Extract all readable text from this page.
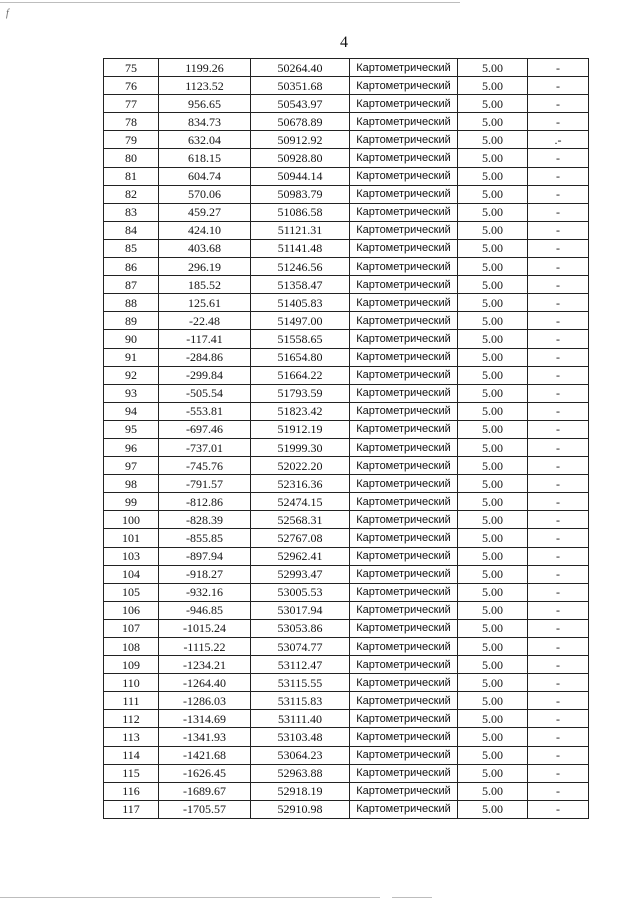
f
4
75	1199.26	50264.40	Картометрический	5.00	-
76	1123.52	50351.68	Картометрический	5.00	-
77	956.65	50543.97	Картометрический	5.00	-
78	834.73	50678.89	Картометрический	5.00	-
79	632.04	50912.92	Картометрический	5.00	.-
80	618.15	50928.80	Картометрический	5.00	-
81	604.74	50944.14	Картометрический	5.00	-
82	570.06	50983.79	Картометрический	5.00	-
83	459.27	51086.58	Картометрический	5.00	-
84	424.10	51121.31	Картометрический	5.00	-
85	403.68	51141.48	Картометрический	5.00	-
86	296.19	51246.56	Картометрический	5.00	-
87	185.52	51358.47	Картометрический	5.00	-
88	125.61	51405.83	Картометрический	5.00	-
89	-22.48	51497.00	Картометрический	5.00	-
90	-117.41	51558.65	Картометрический	5.00	-
91	-284.86	51654.80	Картометрический	5.00	-
92	-299.84	51664.22	Картометрический	5.00	-
93	-505.54	51793.59	Картометрический	5.00	-
94	-553.81	51823.42	Картометрический	5.00	-
95	-697.46	51912.19	Картометрический	5.00	-
96	-737.01	51999.30	Картометрический	5.00	-
97	-745.76	52022.20	Картометрический	5.00	-
98	-791.57	52316.36	Картометрический	5.00	-
99	-812.86	52474.15	Картометрический	5.00	-
100	-828.39	52568.31	Картометрический	5.00	-
101	-855.85	52767.08	Картометрический	5.00	-
103	-897.94	52962.41	Картометрический	5.00	-
104	-918.27	52993.47	Картометрический	5.00	-
105	-932.16	53005.53	Картометрический	5.00	-
106	-946.85	53017.94	Картометрический	5.00	-
107	-1015.24	53053.86	Картометрический	5.00	-
108	-1115.22	53074.77	Картометрический	5.00	-
109	-1234.21	53112.47	Картометрический	5.00	-
110	-1264.40	53115.55	Картометрический	5.00	-
111	-1286.03	53115.83	Картометрический	5.00	-
112	-1314.69	53111.40	Картометрический	5.00	-
113	-1341.93	53103.48	Картометрический	5.00	-
114	-1421.68	53064.23	Картометрический	5.00	-
115	-1626.45	52963.88	Картометрический	5.00	-
116	-1689.67	52918.19	Картометрический	5.00	-
117	-1705.57	52910.98	Картометрический	5.00	-
